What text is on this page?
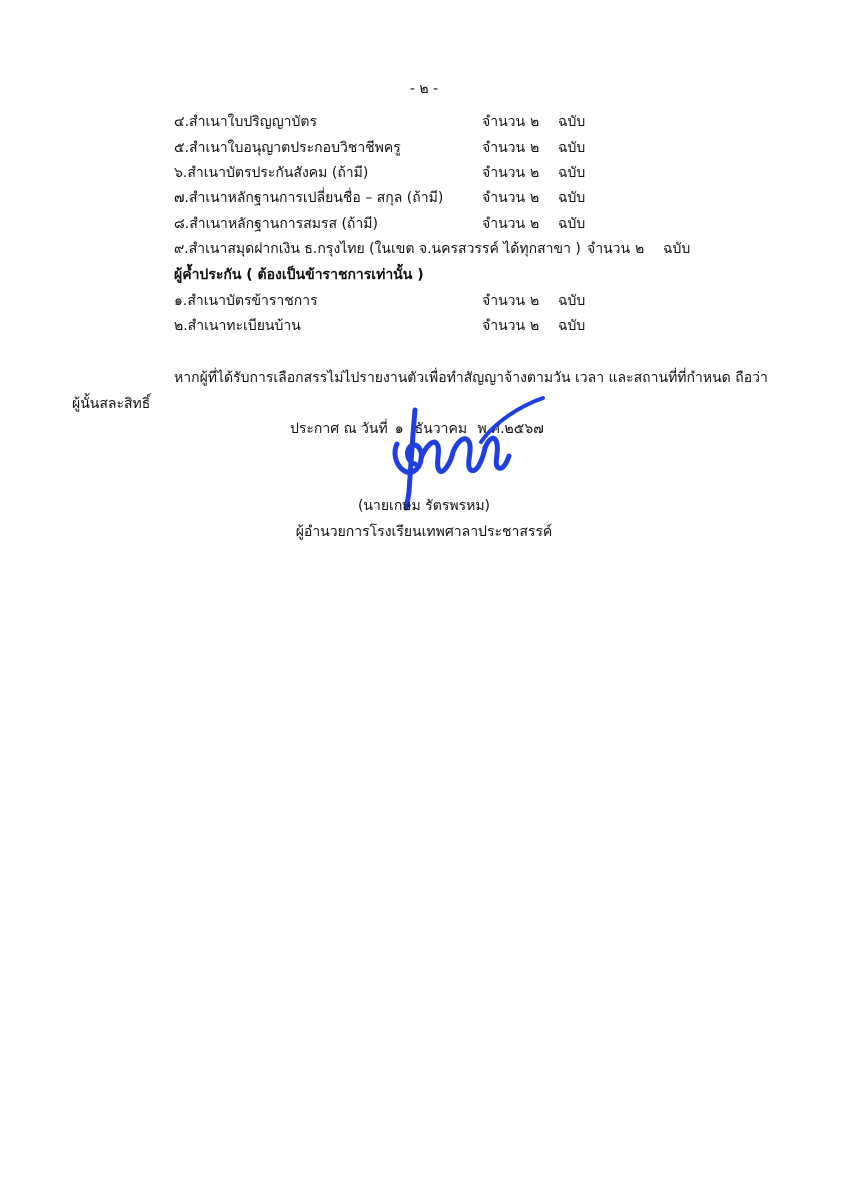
- ๒ -
๔.สำเนาใบปริญญาบัตร	จำนวน ๒ ฉบับ
๕.สำเนาใบอนุญาตประกอบวิชาชีพครู	จำนวน ๒ ฉบับ
๖.สำเนาบัตรประกันสังคม (ถ้ามี)	จำนวน ๒ ฉบับ
๗.สำเนาหลักฐานการเปลี่ยนชื่อ – สกุล (ถ้ามี)	จำนวน ๒ ฉบับ
๘.สำเนาหลักฐานการสมรส (ถ้ามี)	จำนวน ๒ ฉบับ
๙.สำเนาสมุดฝากเงิน ธ.กรุงไทย (ในเขต จ.นครสวรรค์ ได้ทุกสาขา ) จำนวน ๒ ฉบับ
ผู้ค้ำประกัน ( ต้องเป็นข้าราชการเท่านั้น )
๑.สำเนาบัตรข้าราชการ	จำนวน ๒ ฉบับ
๒.สำเนาทะเบียนบ้าน	จำนวน ๒ ฉบับ
หากผู้ที่ได้รับการเลือกสรรไม่ไปรายงานตัวเพื่อทำสัญญาจ้างตามวัน เวลา และสถานที่ที่กำหนด ถือว่า
ผู้นั้นสละสิทธิ์
ประกาศ ณ วันที่ ๑ ธันวาคม พ.ศ.๒๕๖๗
(นายเกษม รัตรพรหม)
ผู้อำนวยการโรงเรียนเทพศาลาประชาสรรค์
